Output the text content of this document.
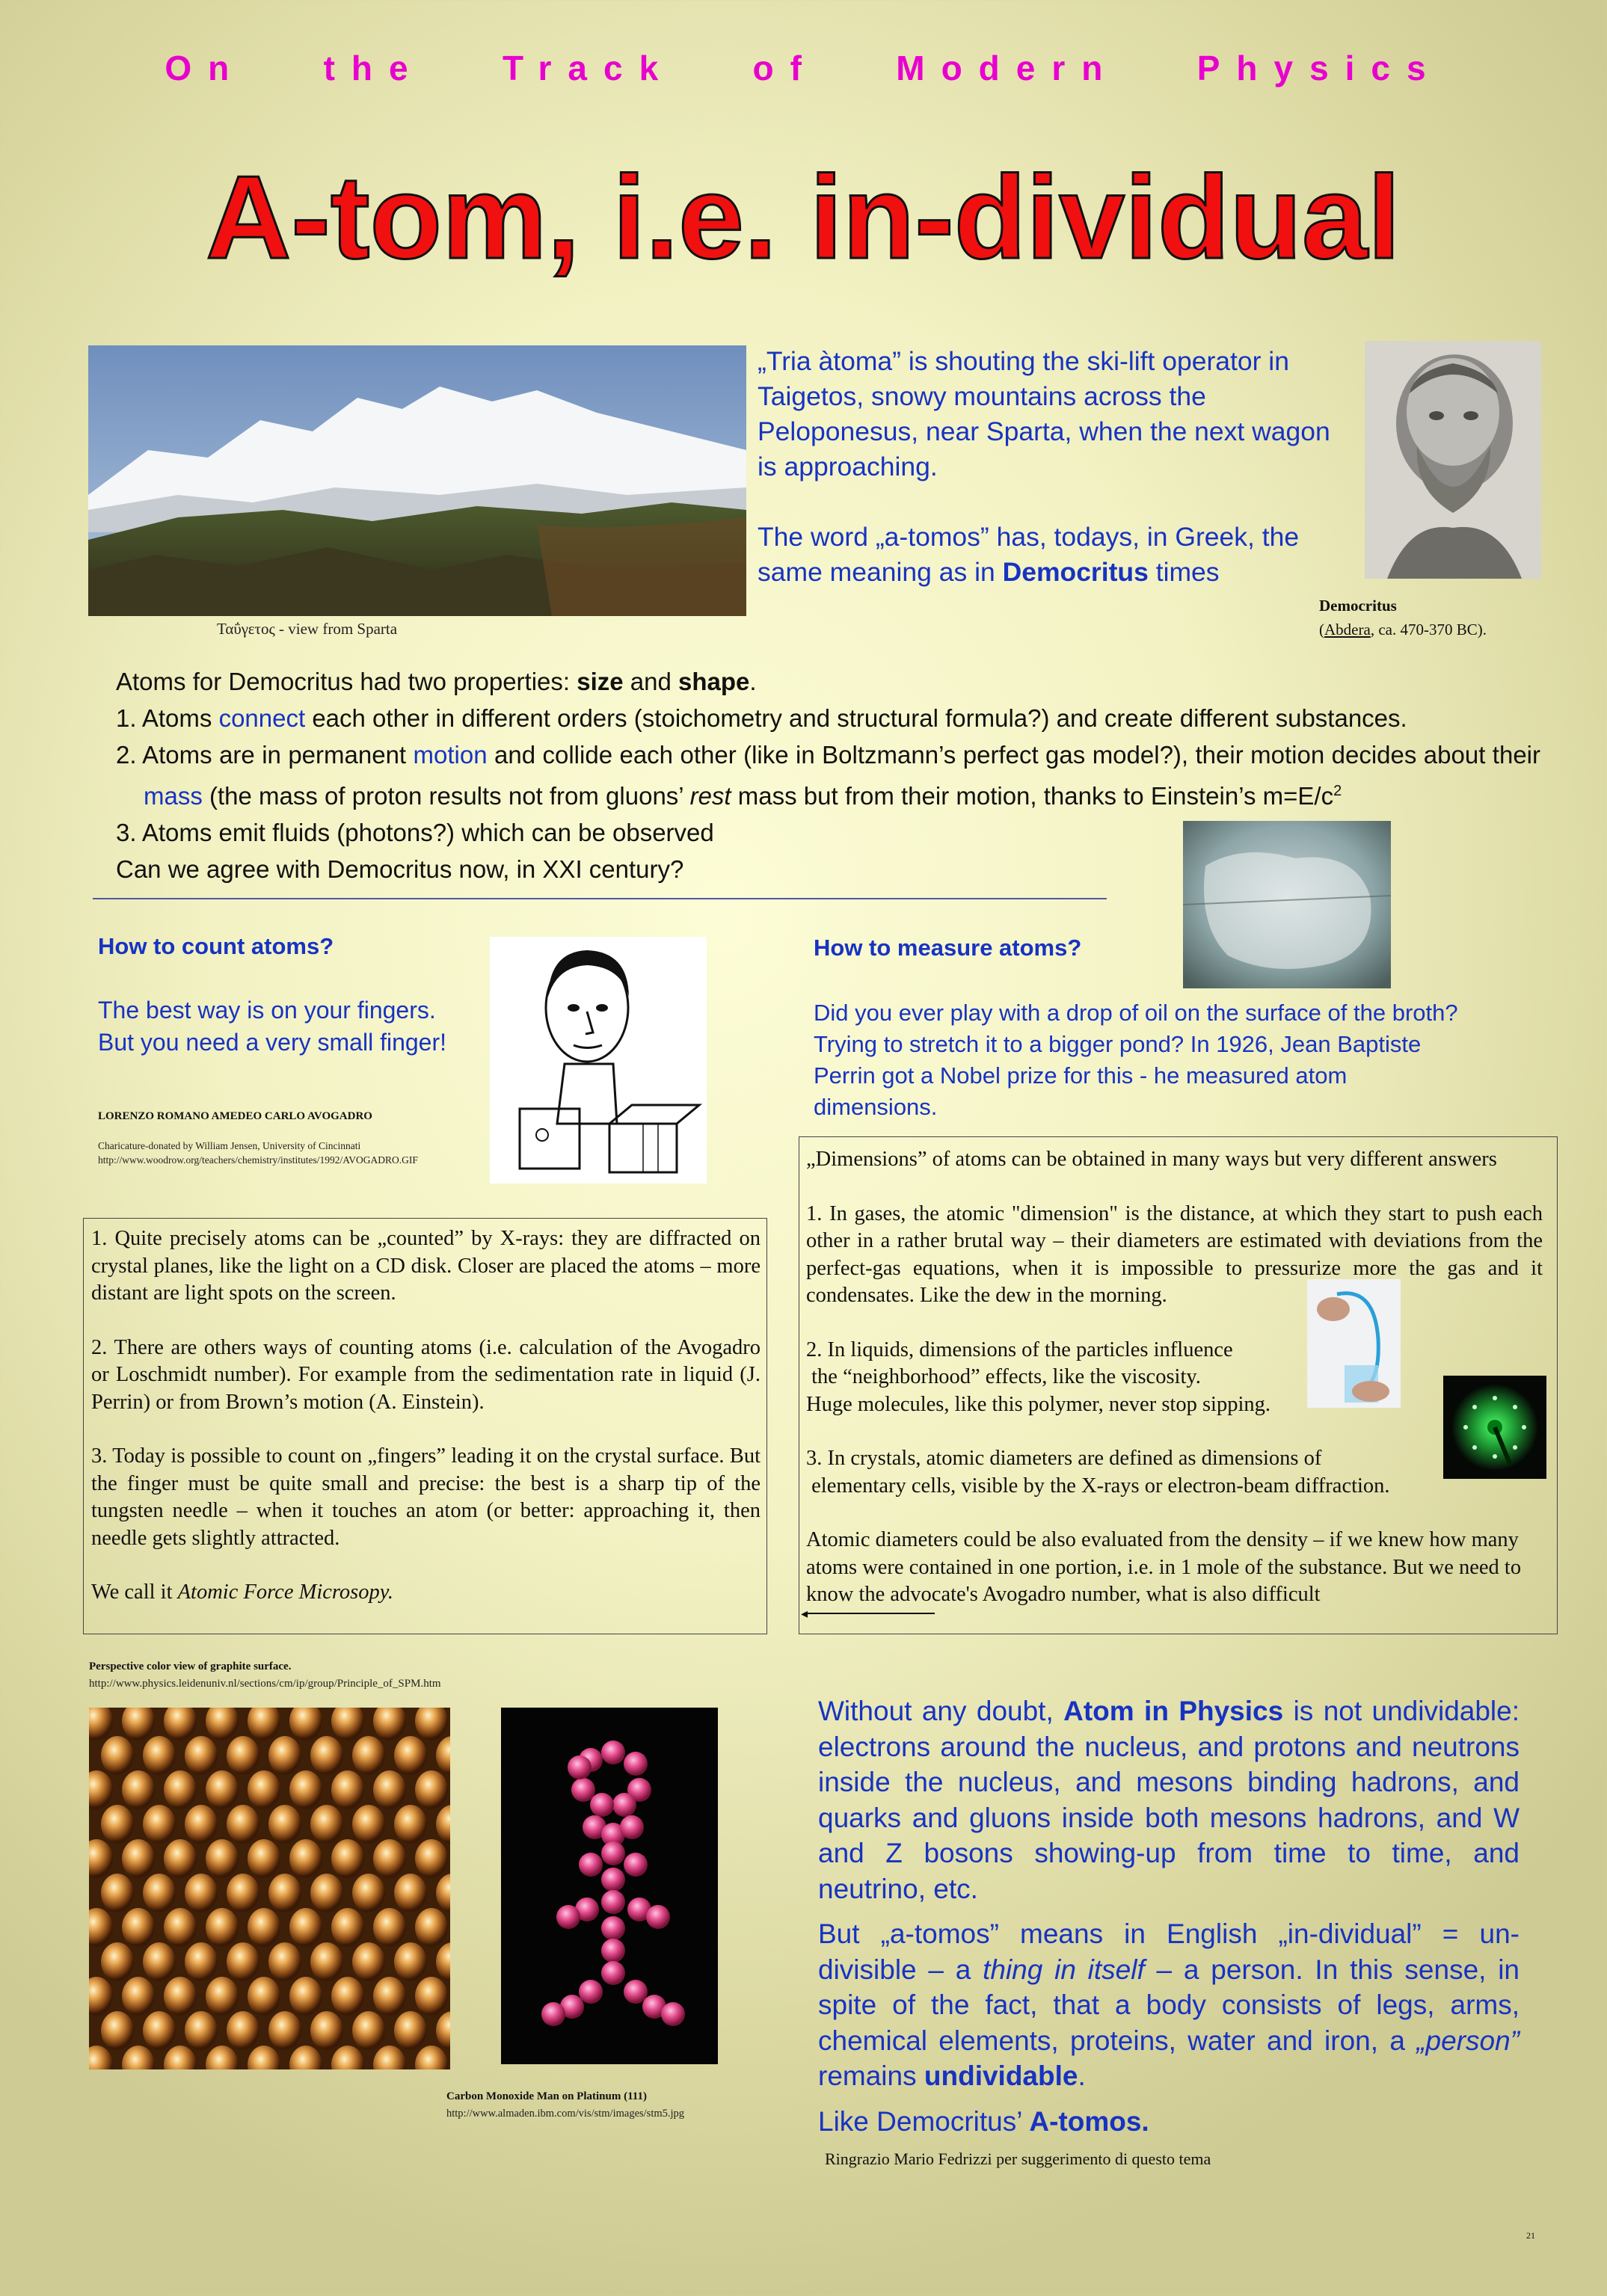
On   the   Track   of   Modern   Physics
A-tom, i.e. in-dividual
Ταΰγετος - view from Sparta
„Tria àtoma” is shouting the ski-lift operator in Taigetos, snowy mountains across the Peloponesus, near Sparta, when the next wagon is approaching.
The word „a-tomos” has, todays, in Greek, the same meaning as in Democritus times
Democritus
(Abdera, ca. 470-370 BC).

Atoms for Democritus had two properties: size and shape.

1. Atoms connect each other in different orders (stoichometry and structural formula?) and create different substances.

2. Atoms are in permanent motion and collide each other (like in Boltzmann’s perfect gas model?), their motion decides about their mass (the mass of proton results not from gluons’ rest mass but from their motion, thanks to Einstein’s $m=E/c^2$

3. Atoms emit fluids (photons?) which can be observed

Can we agree with Democritus now, in XXI century?

How to count atoms?
The best way is on your fingers.
But you need a very small finger!
LORENZO ROMANO AMEDEO CARLO AVOGADRO
Charicature-donated by William Jensen, University of Cincinnati
http://www.woodrow.org/teachers/chemistry/institutes/1992/AVOGADRO.GIF

1. Quite precisely atoms can be „counted” by X-rays: they are diffracted on crystal planes, like the light on a CD disk. Closer are placed the atoms – more distant are light spots on the screen.

2. There are others ways of counting atoms (i.e. calculation of the Avogadro or Loschmidt number). For example from the sedimentation rate in liquid (J. Perrin) or from Brown’s motion (A. Einstein).

3. Today is possible to count on „fingers” leading it on the crystal surface. But the finger must be quite small and precise: the best is a sharp tip of the tungsten needle – when it touches an atom (or better: approaching it, then needle gets slightly attracted.

We call it Atomic Force Microsopy.

How to measure atoms?
Did you ever play with a drop of oil on the surface of the broth? Trying to stretch it to a bigger pond? In 1926, Jean Baptiste Perrin got a Nobel prize for this - he measured atom dimensions.

„Dimensions” of atoms can be obtained in many ways but very different answers

1. In gases, the atomic "dimension" is the distance, at which they start to push each other in a rather brutal way – their diameters are estimated with deviations from the perfect-gas equations, when it is impossible to pressurize more the gas and it condensates. Like the dew in the morning.

2. In liquids, dimensions of the particles influence
the “neighborhood” effects, like the viscosity.
Huge molecules, like this polymer, never stop sipping.

3. In crystals, atomic diameters are defined as dimensions of
elementary cells, visible by the X-rays or electron-beam diffraction.

Atomic diameters could be also evaluated from the density – if we knew how many atoms were contained in one portion, i.e. in 1 mole of the substance. But we need to know the advocate's Avogadro number, what is also difficult

◂
Perspective color view of graphite surface.
http://www.physics.leidenuniv.nl/sections/cm/ip/group/Principle_of_SPM.htm
Carbon Monoxide Man on Platinum (111)
http://www.almaden.ibm.com/vis/stm/images/stm5.jpg
Without any doubt, Atom in Physics is not undividable: electrons around the nucleus, and protons and neutrons inside the nucleus, and mesons binding hadrons, and quarks and gluons inside both mesons hadrons, and W and Z bosons showing-up from time to time, and neutrino, etc.
But „a-tomos” means in English „in-dividual” = un-divisible – a thing in itself – a person. In this sense, in spite of the fact, that a body consists of legs, arms, chemical elements, proteins, water and iron, a „person” remains undividable.
Like Democritus’ A-tomos.
Ringrazio Mario Fedrizzi per suggerimento di questo tema
21
